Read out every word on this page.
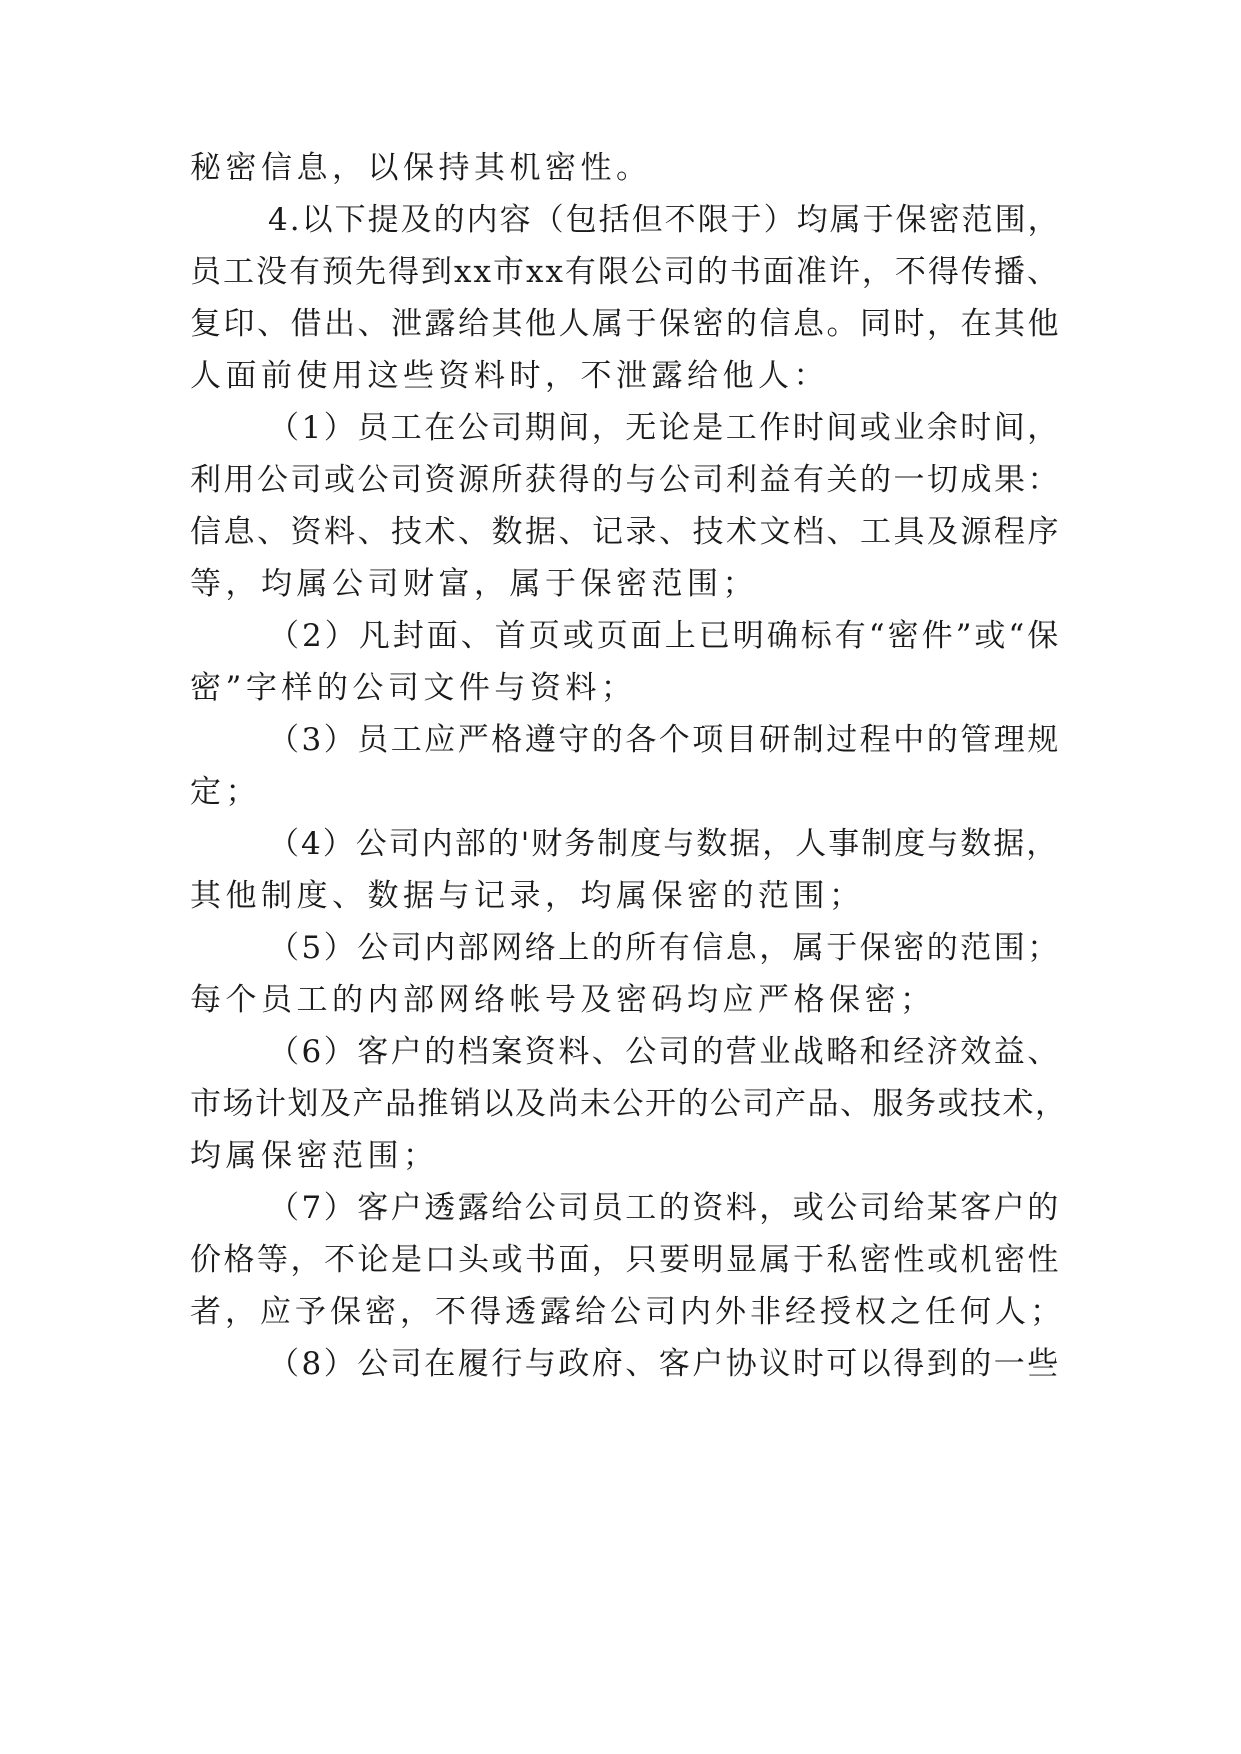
秘密信息，以保持其机密性。
4.以下提及的内容（包括但不限于）均属于保密范围，
员工没有预先得到xx市xx有限公司的书面准许，不得传播、
复印、借出、泄露给其他人属于保密的信息。同时，在其他
人面前使用这些资料时，不泄露给他人：
（1）员工在公司期间，无论是工作时间或业余时间，
利用公司或公司资源所获得的与公司利益有关的一切成果：
信息、资料、技术、数据、记录、技术文档、工具及源程序
等，均属公司财富，属于保密范围；
（2）凡封面、首页或页面上已明确标有“密件”或“保
密”字样的公司文件与资料；
（3）员工应严格遵守的各个项目研制过程中的管理规
定；
（4）公司内部的'财务制度与数据，人事制度与数据，
其他制度、数据与记录，均属保密的范围；
（5）公司内部网络上的所有信息，属于保密的范围；
每个员工的内部网络帐号及密码均应严格保密；
（6）客户的档案资料、公司的营业战略和经济效益、
市场计划及产品推销以及尚未公开的公司产品、服务或技术，
均属保密范围；
（7）客户透露给公司员工的资料，或公司给某客户的
价格等，不论是口头或书面，只要明显属于私密性或机密性
者，应予保密，不得透露给公司内外非经授权之任何人；
（8）公司在履行与政府、客户协议时可以得到的一些
